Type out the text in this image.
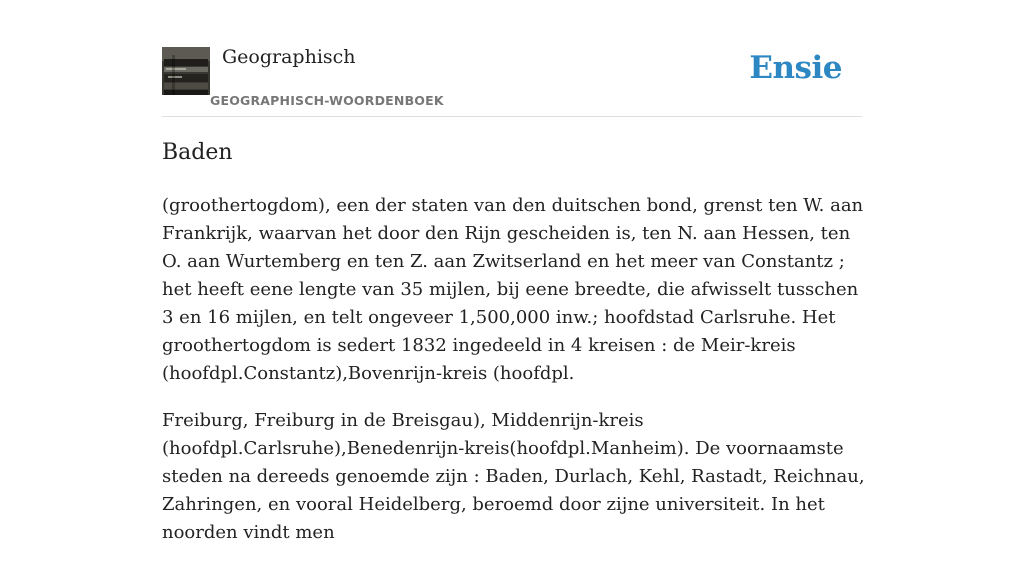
Geographisch
GEOGRAPHISCH-WOORDENBOEK
Ensie
Baden

(groothertogdom), een der staten van den duitschen bond, grenst ten W. aan Frankrijk, waarvan het door den Rijn gescheiden is, ten N. aan Hessen, ten O. aan Wurtemberg en ten Z. aan Zwitserland en het meer van Constantz ; het heeft eene lengte van 35 mijlen, bij eene breedte, die afwisselt tusschen 3 en 16 mijlen, en telt ongeveer 1,500,000 inw.; hoofdstad Carlsruhe. Het groothertogdom is sedert 1832 ingedeeld in 4 kreisen : de Meir-kreis (hoofdpl.Constantz),Bovenrijn-kreis (hoofdpl.

Freiburg, Freiburg in de Breisgau), Middenrijn-kreis (hoofdpl.Carlsruhe),Benedenrijn-kreis(hoofdpl.Manheim). De voornaamste steden na dereeds genoemde zijn : Baden, Durlach, Kehl, Rastadt, Reichnau, Zahringen, en vooral Heidelberg, beroemd door zijne universiteit. In het noorden vindt men
